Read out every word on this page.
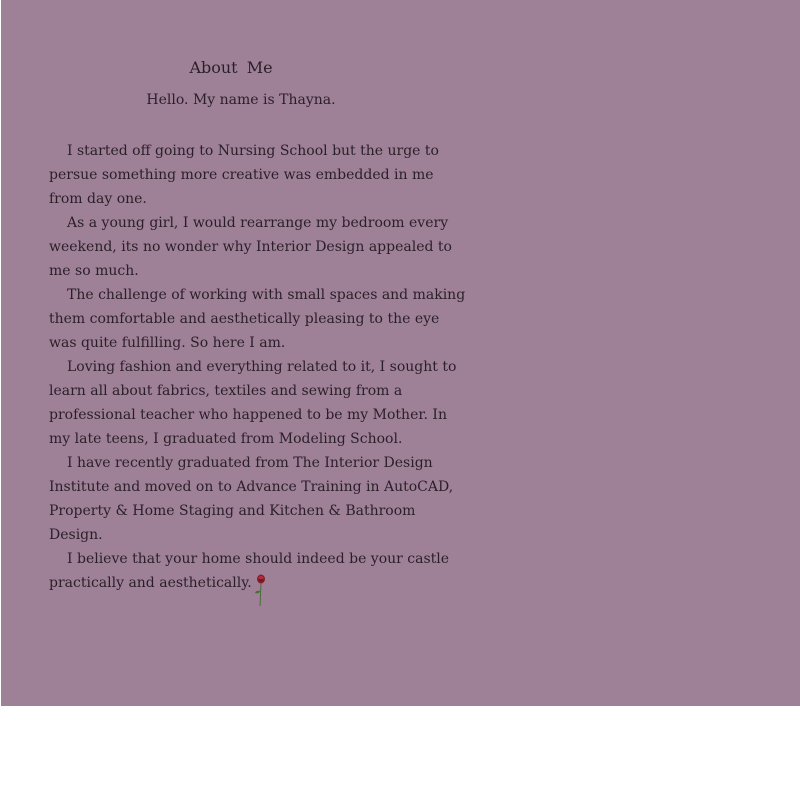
About Me
Hello. My name is Thayna.

I started off going to Nursing School but the urge to persue something more creative was embedded in me from day one.

As a young girl, I would rearrange my bedroom every weekend, its no wonder why Interior Design appealed to me so much.

The challenge of working with small spaces and making them comfortable and aesthetically pleasing to the eye was quite fulfilling. So here I am.

Loving fashion and everything related to it, I sought to learn all about fabrics, textiles and sewing from a professional teacher who happened to be my Mother. In my late teens, I graduated from Modeling School.

I have recently graduated from The Interior Design Institute and moved on to Advance Training in AutoCAD, Property & Home Staging and Kitchen & Bathroom Design.

I believe that your home should indeed be your castle practically and aesthetically.
